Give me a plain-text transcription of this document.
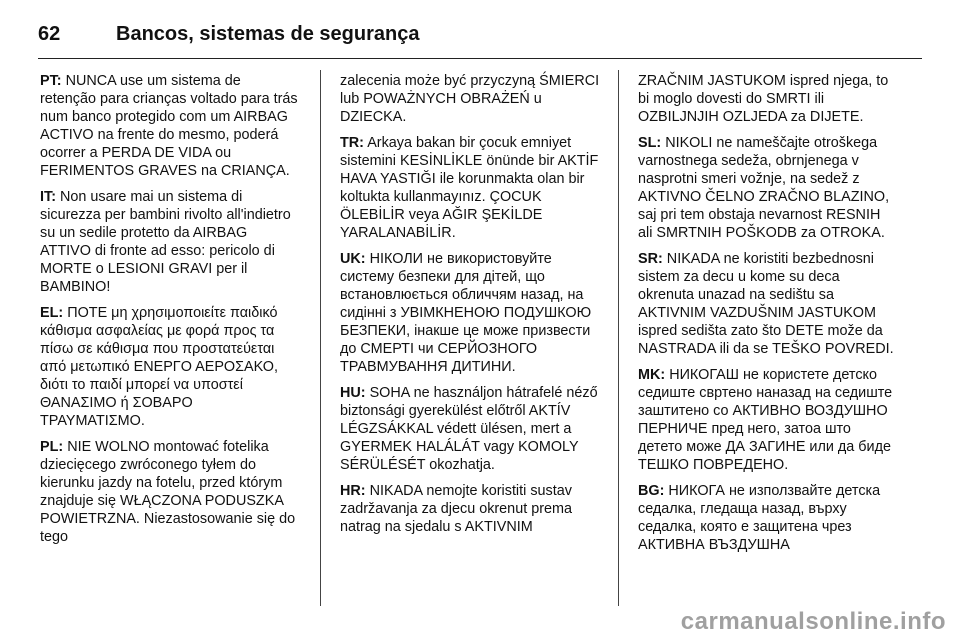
62	Bancos, sistemas de segurança

PT: NUNCA use um sistema de retenção para crianças voltado para trás num banco protegido com um AIRBAG ACTIVO na frente do mesmo, poderá ocorrer a PERDA DE VIDA ou FERIMENTOS GRAVES na CRIANÇA.

IT: Non usare mai un sistema di sicurezza per bambini rivolto all'indietro su un sedile protetto da AIRBAG ATTIVO di fronte ad esso: pericolo di MORTE o LESIONI GRAVI per il BAMBINO!

EL: ΠΟΤΕ μη χρησιμοποιείτε παιδικό κάθισμα ασφαλείας με φορά προς τα πίσω σε κάθισμα που προστατεύεται από μετωπικό ΕΝΕΡΓΟ ΑΕΡΟΣΑΚΟ, διότι το παιδί μπορεί να υποστεί ΘΑΝΑΣΙΜΟ ή ΣΟΒΑΡΟ ΤΡΑΥΜΑΤΙΣΜΟ.

PL: NIE WOLNO montować fotelika dziecięcego zwróconego tyłem do kierunku jazdy na fotelu, przed którym znajduje się WŁĄCZONA PODUSZKA POWIETRZNA. Niezastosowanie się do tego

zalecenia może być przyczyną ŚMIERCI lub POWAŻNYCH OBRAŻEŃ u DZIECKA.

TR: Arkaya bakan bir çocuk emniyet sistemini KESİNLİKLE önünde bir AKTİF HAVA YASTIĞI ile korunmakta olan bir koltukta kullanmayınız. ÇOCUK ÖLEBİLİR veya AĞIR ŞEKİLDE YARALANABİLİR.

UK: НІКОЛИ не використовуйте систему безпеки для дітей, що встановлюється обличчям назад, на сидінні з УВІМКНЕНОЮ ПОДУШКОЮ БЕЗПЕКИ, інакше це може призвести до СМЕРТІ чи СЕРЙОЗНОГО ТРАВМУВАННЯ ДИТИНИ.

HU: SOHA ne használjon hátrafelé néző biztonsági gyerekülést előtről AKTÍV LÉGZSÁKKAL védett ülésen, mert a GYERMEK HALÁLÁT vagy KOMOLY SÉRÜLÉSÉT okozhatja.

HR: NIKADA nemojte koristiti sustav zadržavanja za djecu okrenut prema natrag na sjedalu s AKTIVNIM

ZRAČNIM JASTUKOM ispred njega, to bi moglo dovesti do SMRTI ili OZBILJNJIH OZLJEDA za DIJETE.

SL: NIKOLI ne nameščajte otroškega varnostnega sedeža, obrnjenega v nasprotni smeri vožnje, na sedež z AKTIVNO ČELNO ZRAČNO BLAZINO, saj pri tem obstaja nevarnost RESNIH ali SMRTNIH POŠKODB za OTROKA.

SR: NIKADA ne koristiti bezbednosni sistem za decu u kome su deca okrenuta unazad na sedištu sa AKTIVNIM VAZDUŠNIM JASTUKOM ispred sedišta zato što DETE može da NASTRADA ili da se TEŠKO POVREDI.

MK: НИКОГАШ не користете детско седиште свртено наназад на седиште заштитено со АКТИВНО ВОЗДУШНО ПЕРНИЧЕ пред него, затоа што детето може ДА ЗАГИНЕ или да биде ТЕШКО ПОВРЕДЕНО.

BG: НИКОГА не използвайте детска седалка, гледаща назад, върху седалка, която е защитена чрез АКТИВНА ВЪЗДУШНА

carmanualsonline.info
